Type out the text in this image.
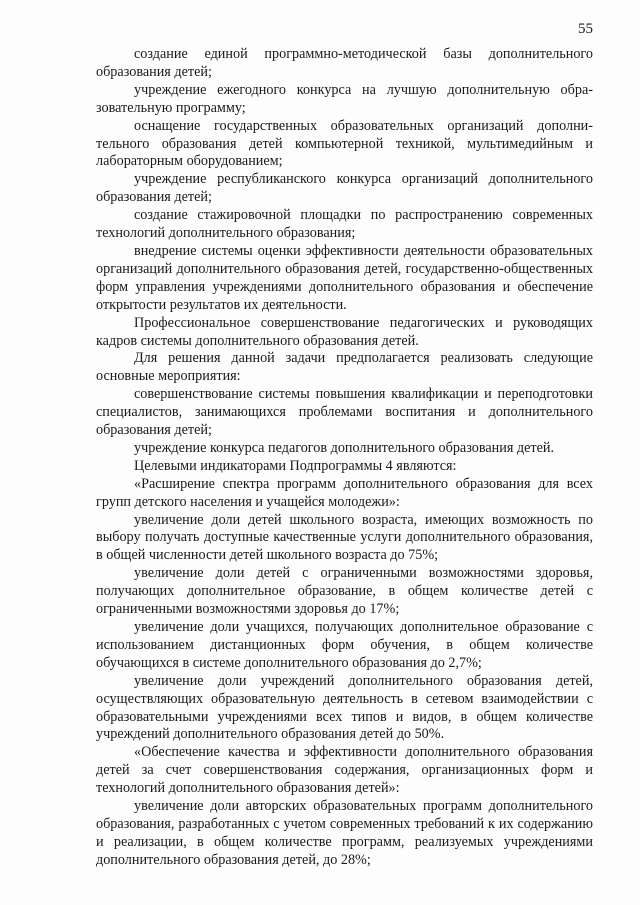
55

создание единой программно-методической базы дополнительного образования детей;

учреждение ежегодного конкурса на лучшую дополнительную образовательную программу;

оснащение государственных образовательных организаций дополнительного образования детей компьютерной техникой, мультимедийным и лабораторным оборудованием;

учреждение республиканского конкурса организаций дополнительного образования детей;

создание стажировочной площадки по распространению современных технологий дополнительного образования;

внедрение системы оценки эффективности деятельности образовательных организаций дополнительного образования детей, государственно-общественных форм управления учреждениями дополнительного образования и обеспечение открытости результатов их деятельности.

Профессиональное совершенствование педагогических и руководящих кадров системы дополнительного образования детей.

Для решения данной задачи предполагается реализовать следующие основные мероприятия:

совершенствование системы повышения квалификации и переподготовки специалистов, занимающихся проблемами воспитания и дополнительного образования детей;

учреждение конкурса педагогов дополнительного образования детей.

Целевыми индикаторами Подпрограммы 4 являются:

«Расширение спектра программ дополнительного образования для всех групп детского населения и учащейся молодежи»:

увеличение доли детей школьного возраста, имеющих возможность по выбору получать доступные качественные услуги дополнительного образования, в общей численности детей школьного возраста до 75%;

увеличение доли детей с ограниченными возможностями здоровья, получающих дополнительное образование, в общем количестве детей с ограниченными возможностями здоровья до 17%;

увеличение доли учащихся, получающих дополнительное образование с использованием дистанционных форм обучения, в общем количестве обучающихся в системе дополнительного образования до 2,7%;

увеличение доли учреждений дополнительного образования детей, осуществляющих образовательную деятельность в сетевом взаимодействии с образовательными учреждениями всех типов и видов, в общем количестве учреждений дополнительного образования детей до 50%.

«Обеспечение качества и эффективности дополнительного образования детей за счет совершенствования содержания, организационных форм и технологий дополнительного образования детей»:

увеличение доли авторских образовательных программ дополнительного образования, разработанных с учетом современных требований к их содержанию и реализации, в общем количестве программ, реализуемых учреждениями дополнительного образования детей, до 28%;
